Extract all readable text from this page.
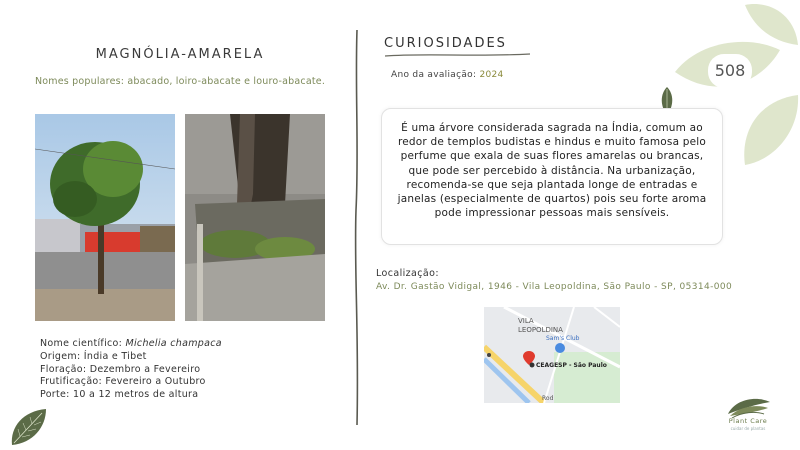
508
MAGNÓLIA-AMARELA
Nomes populares: abacado, loiro-abacate e louro-abacate.
Nome científico: Michelia champaca
Origem: Índia e Tibet
Floração: Dezembro a Fevereiro
Frutificação: Fevereiro a Outubro
Porte: 10 a 12 metros de altura
CURIOSIDADES
Ano da avaliação: 2024

É uma árvore considerada sagrada na Índia, comum ao redor de templos budistas e hindus e muito famosa pelo perfume que exala de suas flores amarelas ou brancas, que pode ser percebido à distância. Na urbanização, recomenda-se que seja plantada longe de entradas e janelas (especialmente de quartos) pois seu forte aroma pode impressionar pessoas mais sensíveis.

Localização:
Av. Dr. Gastão Vidigal, 1946 - Vila Leopoldina, São Paulo - SP, 05314-000
VILA
LEOPOLDINA
Sam's Club
CEAGESP - São Paulo
Rod
Plant Care
cuidar de plantas
